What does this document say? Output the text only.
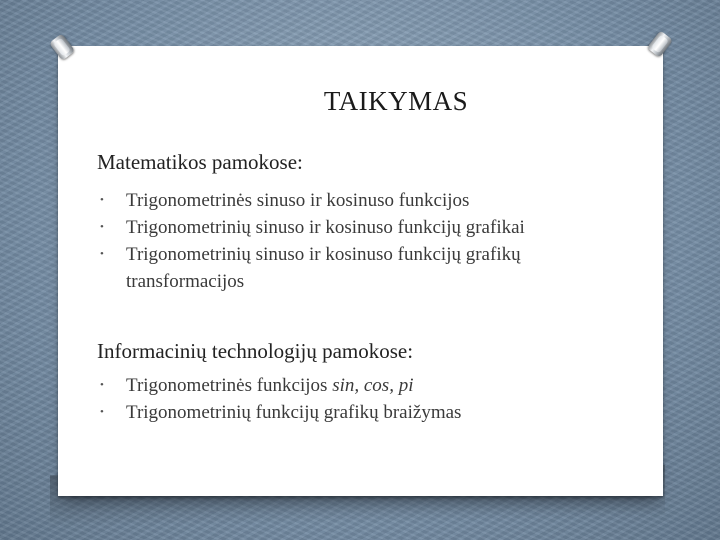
TAIKYMAS
Matematikos pamokose:
• Trigonometrinės sinuso ir kosinuso funkcijos
• Trigonometrinių sinuso ir kosinuso funkcijų grafikai
• Trigonometrinių sinuso ir kosinuso funkcijų grafikų transformacijos
Informacinių technologijų pamokose:
• Trigonometrinės funkcijos sin, cos, pi
• Trigonometrinių funkcijų grafikų braižymas
